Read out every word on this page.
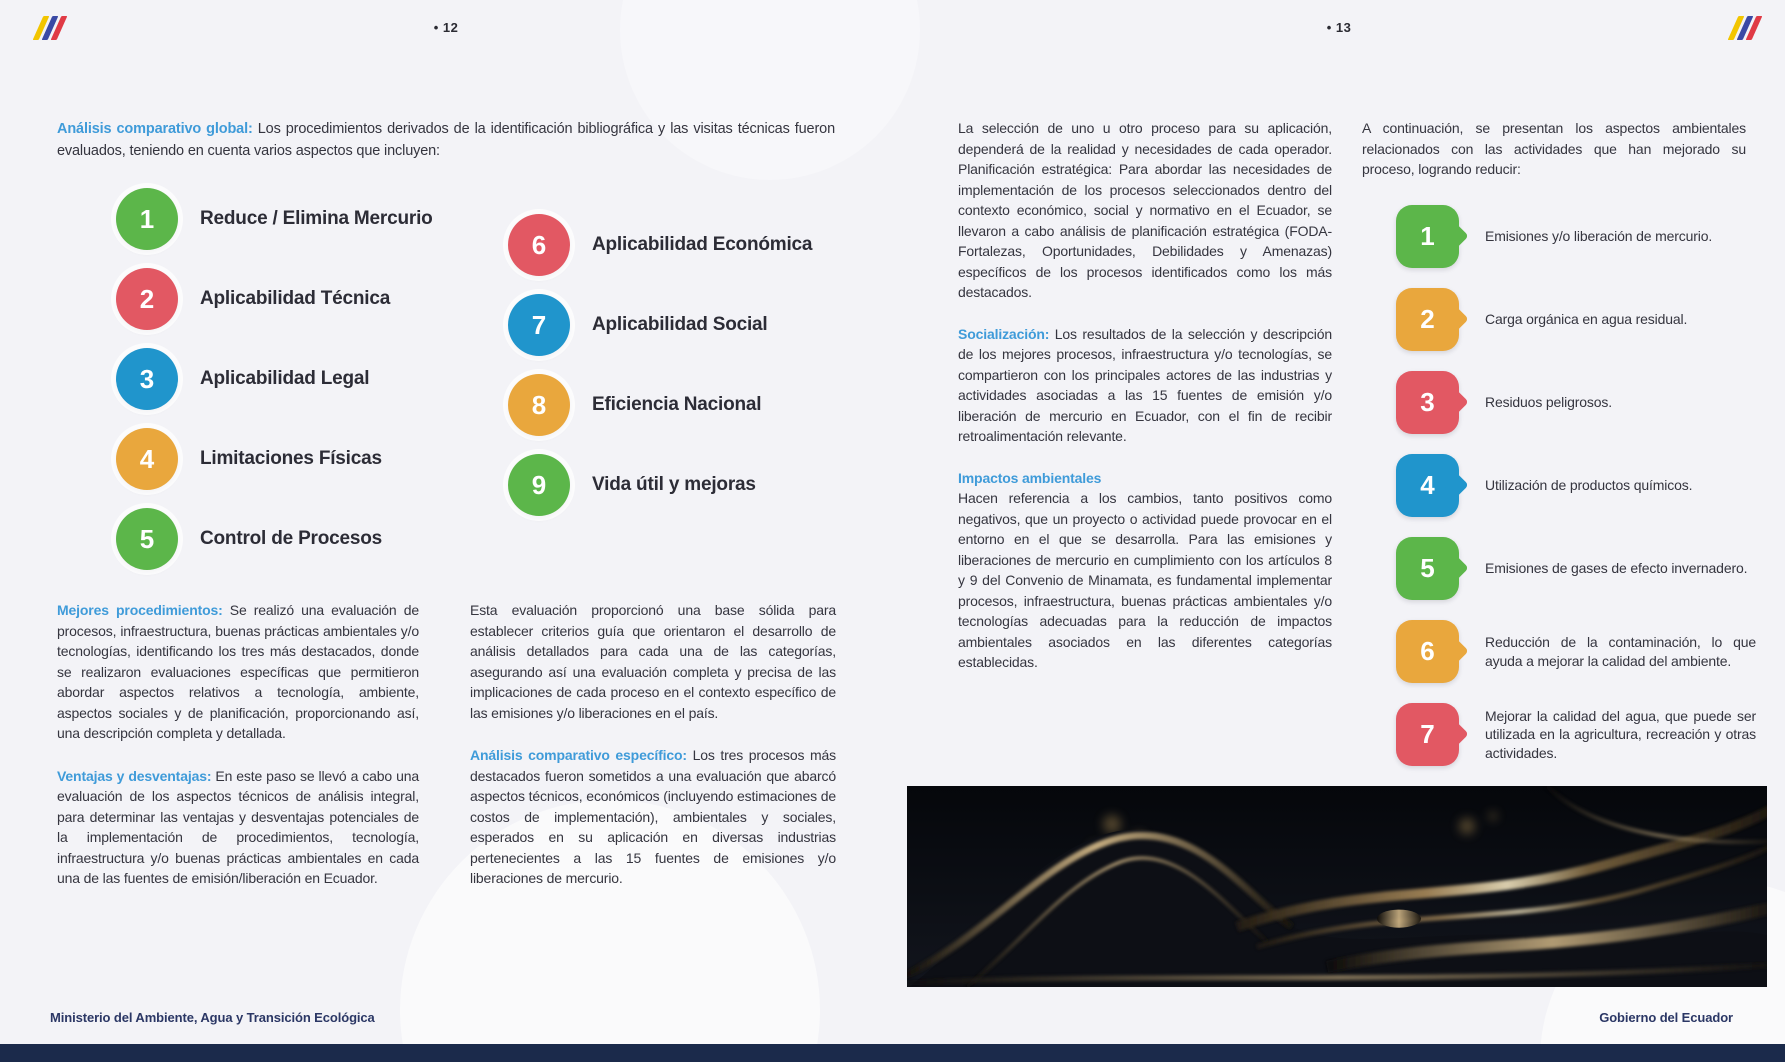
• 12	• 13

Análisis comparativo global: Los procedimientos derivados de la identificación bibliográfica y las visitas técnicas fueron evaluados, teniendo en cuenta varios aspectos que incluyen:

1 Reduce / Elimina Mercurio
2 Aplicabilidad Técnica
3 Aplicabilidad Legal
4 Limitaciones Físicas
5 Control de Procesos
6 Aplicabilidad Económica
7 Aplicabilidad Social
8 Eficiencia Nacional
9 Vida útil y mejoras

Mejores procedimientos: Se realizó una evaluación de procesos, infraestructura, buenas prácticas ambientales y/o tecnologías, identificando los tres más destacados, donde se realizaron evaluaciones específicas que permitieron abordar aspectos relativos a tecnología, ambiente, aspectos sociales y de planificación, proporcionando así, una descripción completa y detallada.

Ventajas y desventajas: En este paso se llevó a cabo una evaluación de los aspectos técnicos de análisis integral, para determinar las ventajas y desventajas potenciales de la implementación de procedimientos, tecnología, infraestructura y/o buenas prácticas ambientales en cada una de las fuentes de emisión/liberación en Ecuador.

Esta evaluación proporcionó una base sólida para establecer criterios guía que orientaron el desarrollo de análisis detallados para cada una de las categorías, asegurando así una evaluación completa y precisa de las implicaciones de cada proceso en el contexto específico de las emisiones y/o liberaciones en el país.

Análisis comparativo específico: Los tres procesos más destacados fueron sometidos a una evaluación que abarcó aspectos técnicos, económicos (incluyendo estimaciones de costos de implementación), ambientales y sociales, esperados en su aplicación en diversas industrias pertenecientes a las 15 fuentes de emisiones y/o liberaciones de mercurio.

La selección de uno u otro proceso para su aplicación, dependerá de la realidad y necesidades de cada operador. Planificación estratégica: Para abordar las necesidades de implementación de los procesos seleccionados dentro del contexto económico, social y normativo en el Ecuador, se llevaron a cabo análisis de planificación estratégica (FODA-Fortalezas, Oportunidades, Debilidades y Amenazas) específicos de los procesos identificados como los más destacados.

Socialización: Los resultados de la selección y descripción de los mejores procesos, infraestructura y/o tecnologías, se compartieron con los principales actores de las industrias y actividades asociadas a las 15 fuentes de emisión y/o liberación de mercurio en Ecuador, con el fin de recibir retroalimentación relevante.

Impactos ambientales
Hacen referencia a los cambios, tanto positivos como negativos, que un proyecto o actividad puede provocar en el entorno en el que se desarrolla. Para las emisiones y liberaciones de mercurio en cumplimiento con los artículos 8 y 9 del Convenio de Minamata, es fundamental implementar procesos, infraestructura, buenas prácticas ambientales y/o tecnologías adecuadas para la reducción de impactos ambientales asociados en las diferentes categorías establecidas.

A continuación, se presentan los aspectos ambientales relacionados con las actividades que han mejorado su proceso, logrando reducir:

1	Emisiones y/o liberación de mercurio.
2	Carga orgánica en agua residual.
3	Residuos peligrosos.
4	Utilización de productos químicos.
5	Emisiones de gases de efecto invernadero.
6	Reducción de la contaminación, lo que ayuda a mejorar la calidad del ambiente.
7
Mejorar la calidad del agua, que puede ser utilizada en la agricultura, recreación y otras actividades.
Ministerio del Ambiente, Agua y Transición Ecológica	Gobierno del Ecuador
